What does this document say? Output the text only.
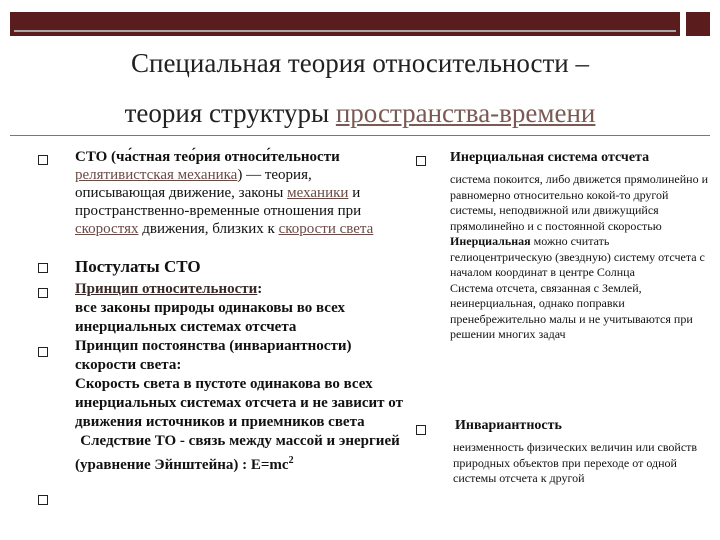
Специальная теория относительности –
теория структуры пространства-времени
СТО (ча́стная тео́рия относи́тельности релятивистская механика) — теория, описывающая движение, законы механики и пространственно-временные отношения при скоростях движения, близких к скорости света
Постулаты СТО
Принцип относительности:
все законы природы одинаковы во всех инерциальных системах отсчета
Принцип постоянства (инвариантности) скорости света:
Скорость света в пустоте одинакова во всех инерциальных системах отсчета и не зависит от движения источников и приемников света
Следствие ТО - связь между массой и энергией
(уравнение Эйнштейна) : $E=mc^2$
Инерциальная система отсчета
система покоится, либо движется прямолинейно и равномерно относительно кокой-то другой системы, неподвижной или движущийся прямолинейно и с постоянной скоростью
Инерциальная можно считать гелиоцентрическую (звездную) систему отсчета с началом координат в центре Солнца
Система отсчета, связанная с Землей, неинерциальная, однако поправки пренебрежительно малы и не учитываются при решении многих задач
Инвариантность
неизменность физических величин или свойств природных объектов при переходе от одной системы отсчета к другой
